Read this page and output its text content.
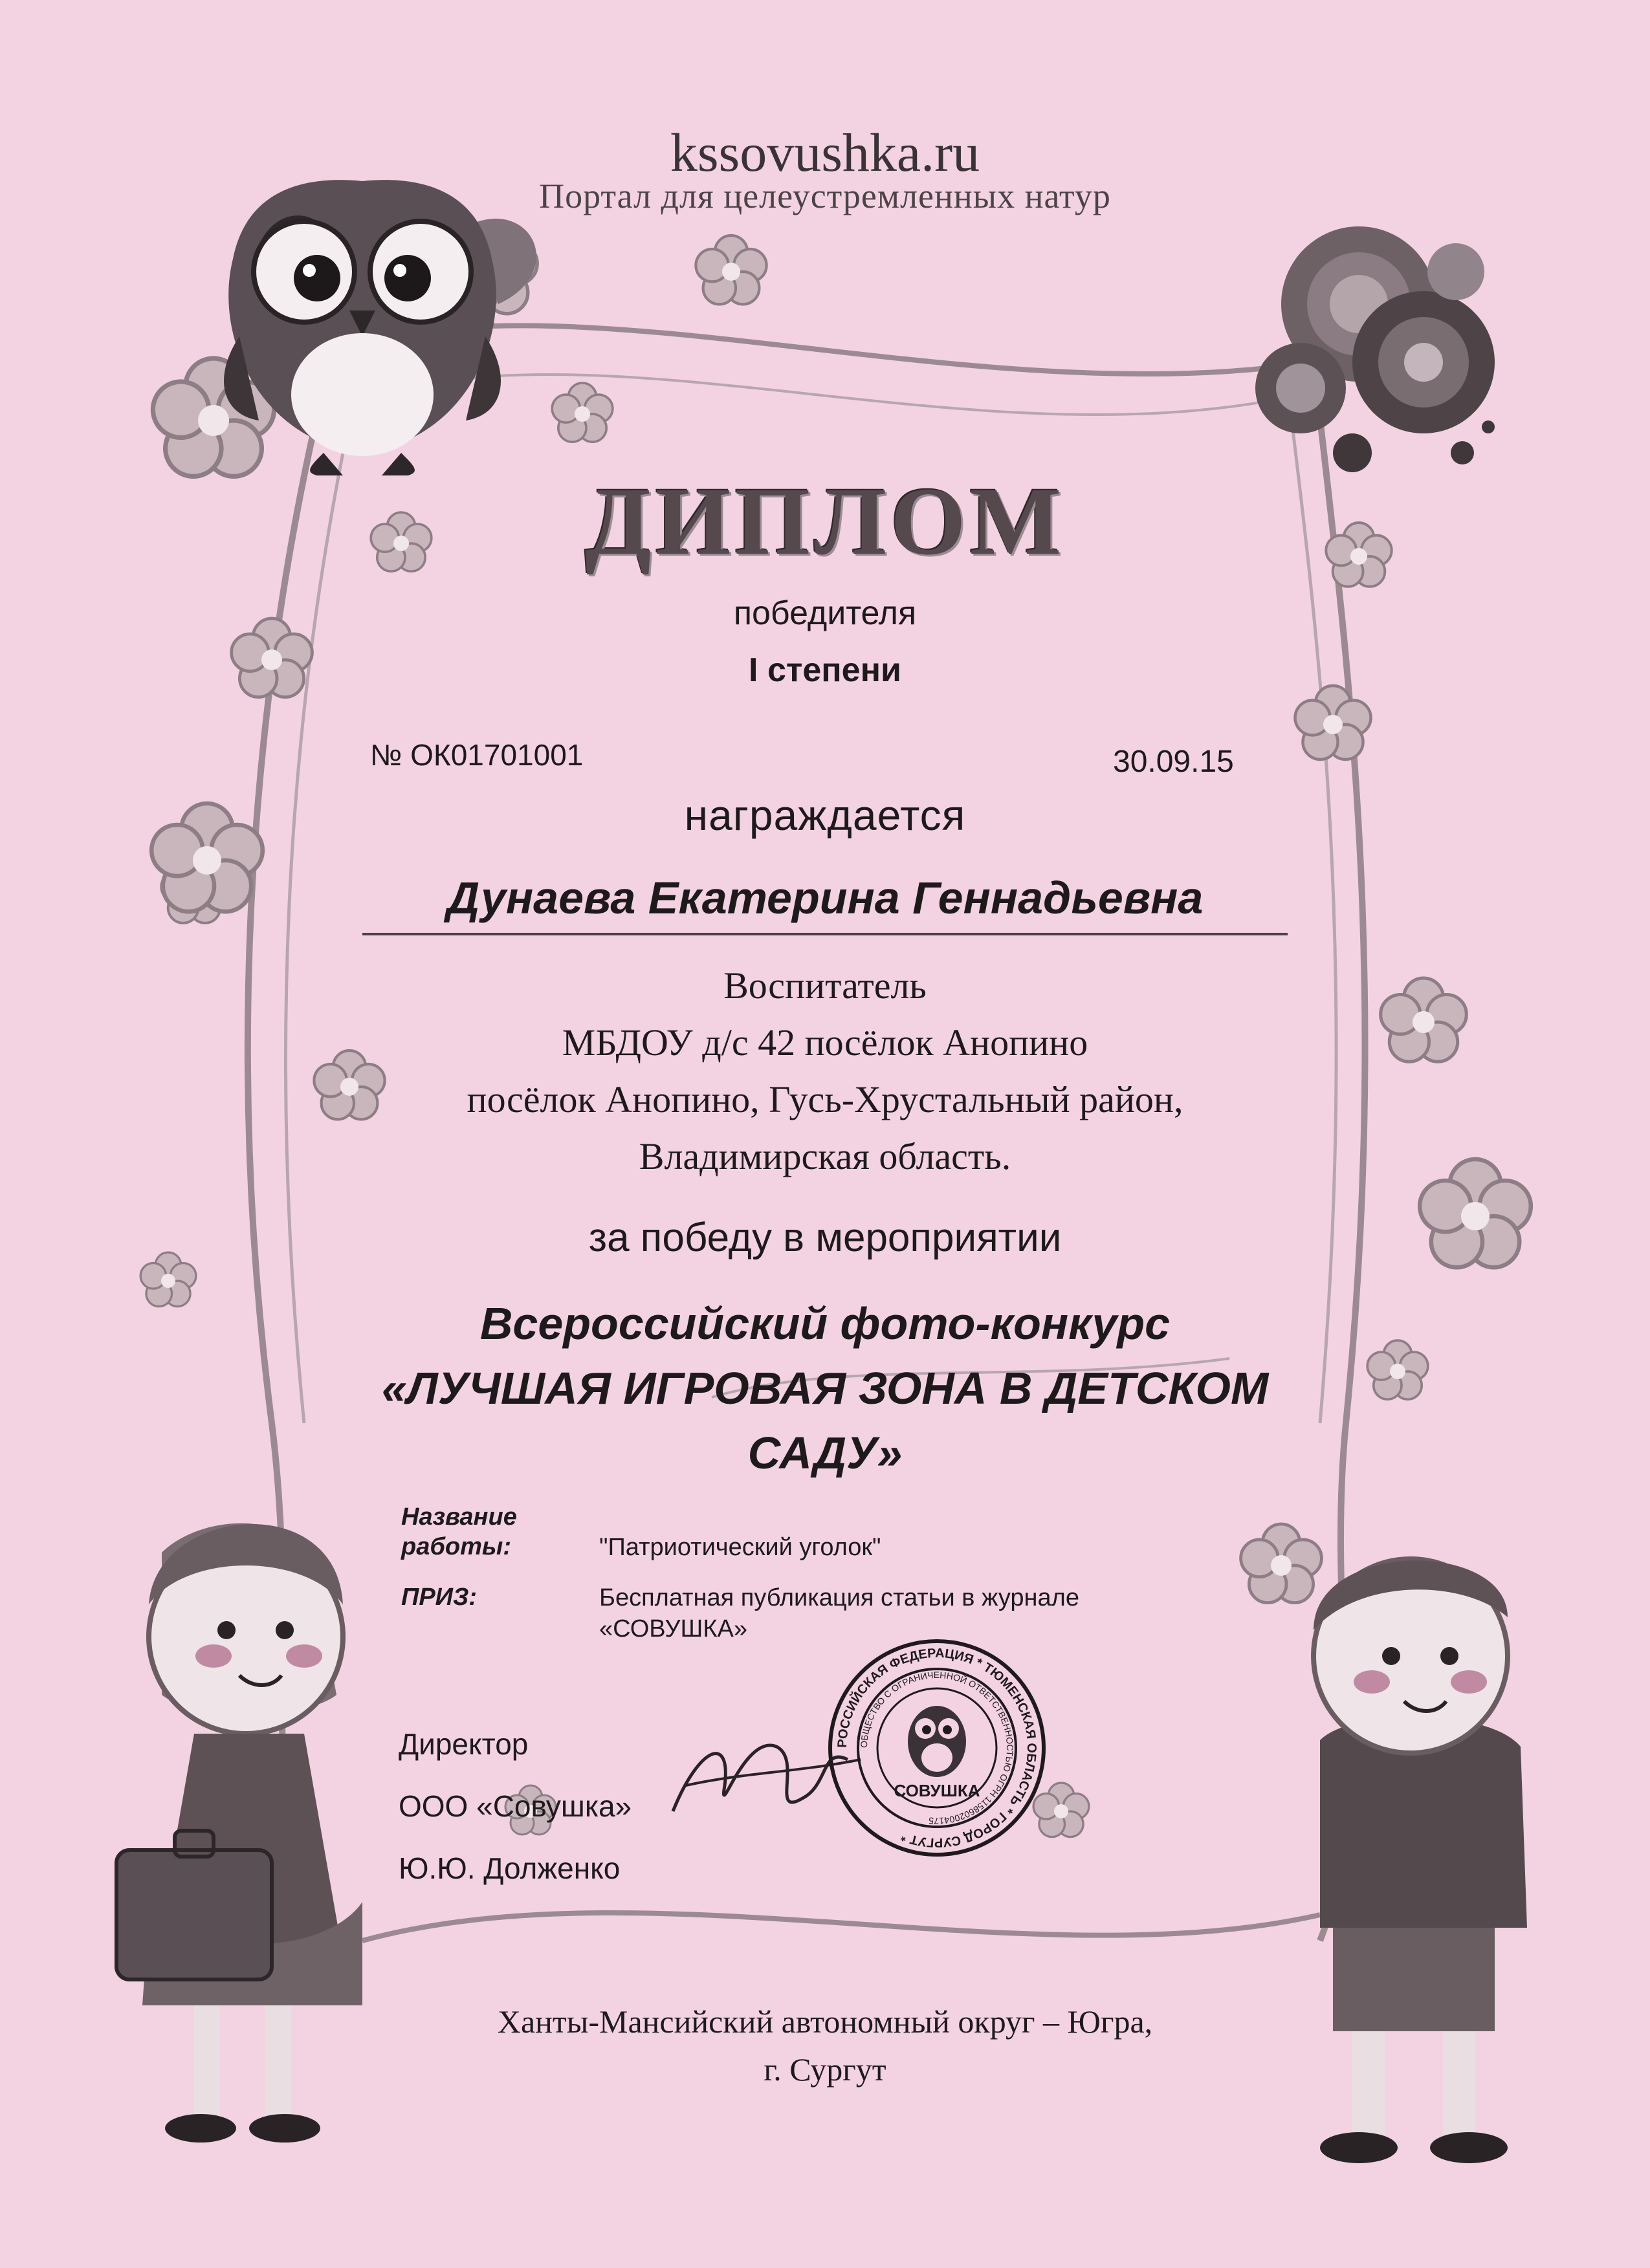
kssovushka.ru
Портал для целеустремленных натур
ДИПЛОМ
победителя
I степени
№ ОК01701001	30.09.15
награждается
Дунаева Екатерина Геннадьевна
Воспитатель
МБДОУ д/с 42 посёлок Анопино
посёлок Анопино, Гусь-Хрустальный район,
Владимирская область.
за победу в мероприятии
Всероссийский фото-конкурс
«ЛУЧШАЯ ИГРОВАЯ ЗОНА В ДЕТСКОМ
САДУ»
Название
работы:	"Патриотический уголок"
ПРИЗ:	Бесплатная публикация статьи в журнале
«СОВУШКА»
Директор
ООО «Совушка»
Ю.Ю. Долженко
РОССИЙСКАЯ ФЕДЕРАЦИЯ * ТЮМЕНСКАЯ ОБЛАСТЬ * ГОРОД СУРГУТ *
ОБЩЕСТВО С ОГРАНИЧЕННОЙ ОТВЕТСТВЕННОСТЬЮ ОГРН 1158602004175
СОВУШКА
Ханты-Мансийский автономный округ – Югра,
г. Сургут
